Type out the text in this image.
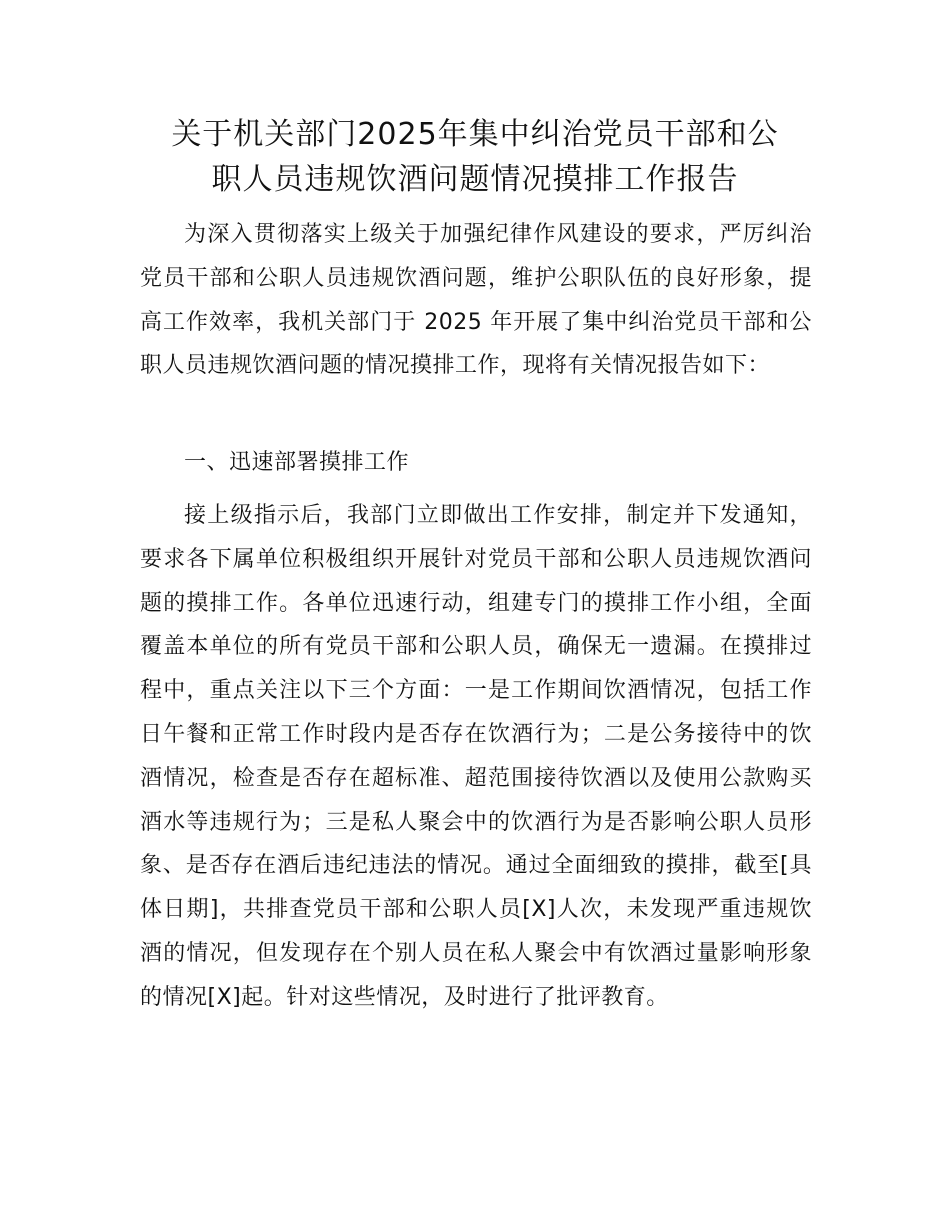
关于机关部门2025年集中纠治党员干部和公
职人员违规饮酒问题情况摸排工作报告

为深入贯彻落实上级关于加强纪律作风建设的要求，严厉纠治党员干部和公职人员违规饮酒问题，维护公职队伍的良好形象，提高工作效率，我机关部门于 2025 年开展了集中纠治党员干部和公职人员违规饮酒问题的情况摸排工作，现将有关情况报告如下：

一、迅速部署摸排工作

接上级指示后，我部门立即做出工作安排，制定并下发通知，要求各下属单位积极组织开展针对党员干部和公职人员违规饮酒问题的摸排工作。各单位迅速行动，组建专门的摸排工作小组，全面覆盖本单位的所有党员干部和公职人员，确保无一遗漏。在摸排过程中，重点关注以下三个方面：一是工作期间饮酒情况，包括工作日午餐和正常工作时段内是否存在饮酒行为；二是公务接待中的饮酒情况，检查是否存在超标准、超范围接待饮酒以及使用公款购买酒水等违规行为；三是私人聚会中的饮酒行为是否影响公职人员形象、是否存在酒后违纪违法的情况。通过全面细致的摸排，截至[具体日期]，共排查党员干部和公职人员[X]人次，未发现严重违规饮酒的情况，但发现存在个别人员在私人聚会中有饮酒过量影响形象的情况[X]起。针对这些情况，及时进行了批评教育。
